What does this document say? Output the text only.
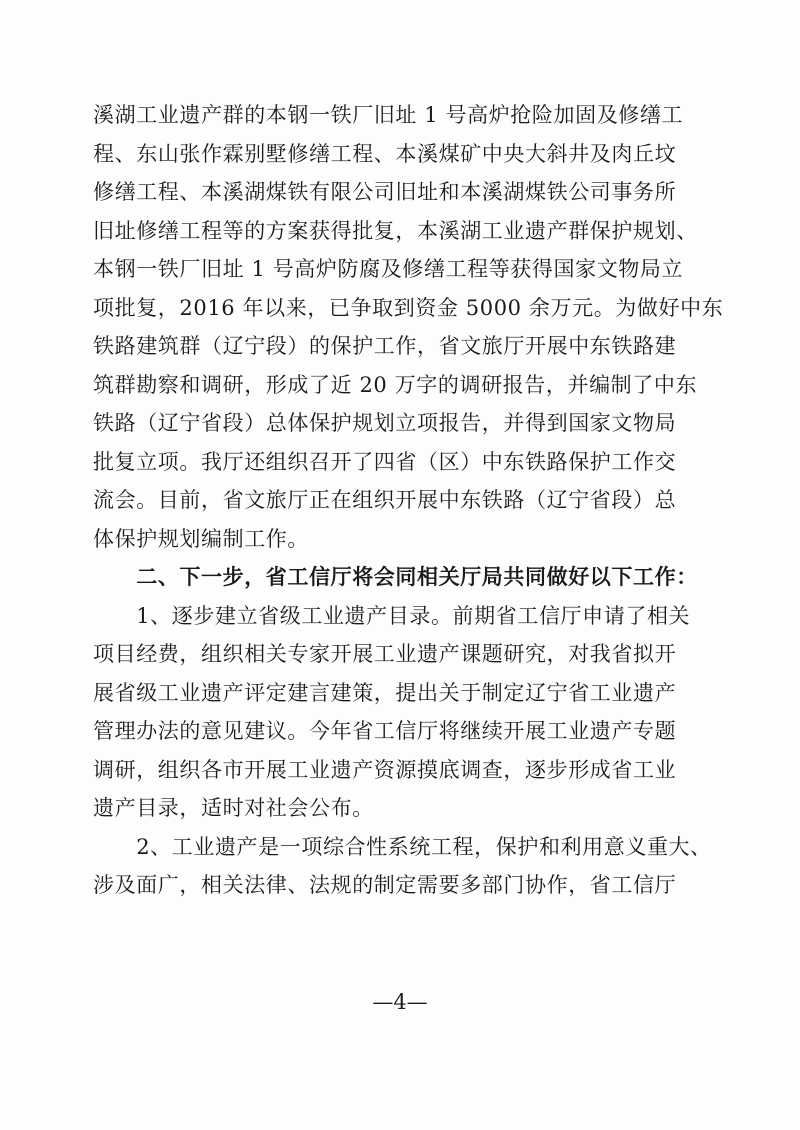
溪湖工业遗产群的本钢一铁厂旧址 1 号高炉抢险加固及修缮工
程、东山张作霖别墅修缮工程、本溪煤矿中央大斜井及肉丘坟
修缮工程、本溪湖煤铁有限公司旧址和本溪湖煤铁公司事务所
旧址修缮工程等的方案获得批复，本溪湖工业遗产群保护规划、
本钢一铁厂旧址 1 号高炉防腐及修缮工程等获得国家文物局立
项批复，2016 年以来，已争取到资金 5000 余万元。为做好中东
铁路建筑群（辽宁段）的保护工作，省文旅厅开展中东铁路建
筑群勘察和调研，形成了近 20 万字的调研报告，并编制了中东
铁路（辽宁省段）总体保护规划立项报告，并得到国家文物局
批复立项。我厅还组织召开了四省（区）中东铁路保护工作交
流会。目前，省文旅厅正在组织开展中东铁路（辽宁省段）总
体保护规划编制工作。
　　二、下一步，省工信厅将会同相关厅局共同做好以下工作：
　　1、逐步建立省级工业遗产目录。前期省工信厅申请了相关
项目经费，组织相关专家开展工业遗产课题研究，对我省拟开
展省级工业遗产评定建言建策，提出关于制定辽宁省工业遗产
管理办法的意见建议。今年省工信厅将继续开展工业遗产专题
调研，组织各市开展工业遗产资源摸底调查，逐步形成省工业
遗产目录，适时对社会公布。
　　2、工业遗产是一项综合性系统工程，保护和利用意义重大、
涉及面广，相关法律、法规的制定需要多部门协作，省工信厅
—4—
